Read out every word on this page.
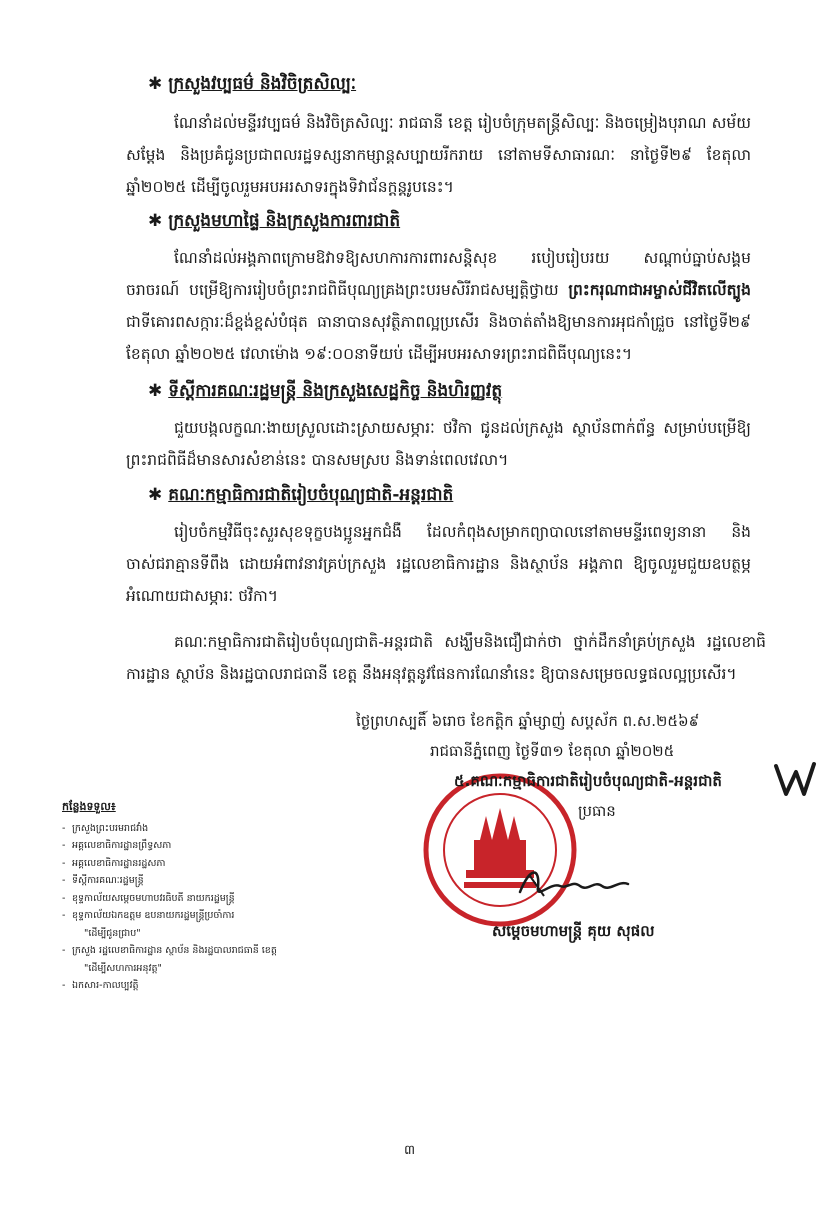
✱ ក្រសួងវប្បធម៌ និងវិចិត្រសិល្បៈ
ណែនាំដល់មន្ទីរវប្បធម៌ និងវិចិត្រសិល្បៈ រាជធានី ខេត្ត រៀបចំក្រុមតន្ត្រីសិល្បៈ និងចម្រៀងបុរាណ សម័យ សម្តែង និងប្រគំជូនប្រជាពលរដ្ឋទស្សនាកម្សាន្តសប្បាយរីករាយ នៅតាមទីសាធារណៈ នាថ្ងៃទី២៩ ខែតុលា ឆ្នាំ២០២៥ ដើម្បីចូលរួមអបអរសាទរក្នុងទិវាជ័នក្តន្តរូបនេះ។
✱ ក្រសួងមហាផ្ទៃ និងក្រសួងការពារជាតិ
ណែនាំដល់អង្គភាពក្រោមឱវាទឱ្យសហការការពារសន្តិសុខ របៀបរៀបរយ សណ្តាប់ធ្នាប់សង្គម ចរាចរណ៍ បម្រើឱ្យការរៀបចំព្រះរាជពិធីបុណ្យគ្រងព្រះបរមសិរីរាជសម្បត្តិថ្វាយ ព្រះករុណាជាអម្ចាស់ជីវិតលើត្បូង ជាទីគោរពសក្ការៈដ៏ខ្ពង់ខ្ពស់បំផុត ធានាបានសុវត្ថិភាពល្អប្រសើរ និងចាត់តាំងឱ្យមានការអុជកាំជ្រួច នៅថ្ងៃទី២៩ ខែតុលា ឆ្នាំ២០២៥ វេលាម៉ោង ១៩:០០នាទីយប់ ដើម្បីអបអរសាទរព្រះរាជពិធីបុណ្យនេះ។
✱ ទីស្តីការគណៈរដ្ឋមន្ត្រី និងក្រសួងសេដ្ឋកិច្ច និងហិរញ្ញវត្ថុ
ជួយបង្កលក្ខណៈងាយស្រួលដោះស្រាយសម្ភារៈ ថវិកា ជូនដល់ក្រសួង ស្ថាប័នពាក់ព័ន្ធ សម្រាប់បម្រើឱ្យព្រះរាជពិធីដ៏មានសារសំខាន់នេះ បានសមស្រប និងទាន់ពេលវេលា។
✱ គណៈកម្មាធិការជាតិរៀបចំបុណ្យជាតិ-អន្តរជាតិ
រៀបចំកម្មវិធីចុះសួរសុខទុក្ខបងប្អូនអ្នកជំងឺ ដែលកំពុងសម្រាកព្យាបាលនៅតាមមន្ទីរពេទ្យនានា និងចាស់ជរាគ្មានទីពឹង ដោយអំពាវនាវគ្រប់ក្រសួង រដ្ឋលេខាធិការដ្ឋាន និងស្ថាប័ន អង្គភាព ឱ្យចូលរួមជួយឧបត្ថម្ភអំណោយជាសម្ភារៈ ថវិកា។
គណៈកម្មាធិការជាតិរៀបចំបុណ្យជាតិ-អន្តរជាតិ សង្ឃឹមនិងជឿជាក់ថា ថ្នាក់ដឹកនាំគ្រប់ក្រសួង រដ្ឋលេខាធិការដ្ឋាន ស្ថាប័ន និងរដ្ឋបាលរាជធានី ខេត្ត នឹងអនុវត្តនូវផែនការណែនាំនេះ ឱ្យបានសម្រេចលទ្ធផលល្អប្រសើរ។
ថ្ងៃព្រហស្បតិ៍ ៦រោច ខែកត្តិក ឆ្នាំម្សាញ់ សប្តស័ក ព.ស.២៥៦៩
រាជធានីភ្នំពេញ ថ្ងៃទី៣១ ខែតុលា ឆ្នាំ២០២៥
៥.គណៈកម្មាធិការជាតិរៀបចំបុណ្យជាតិ-អន្តរជាតិ
ប្រធាន
សម្តេចមហាមន្ត្រី គុយ សុផល
កន្លែងទទួល៖
- ក្រសួងព្រះបរមរាជវាំង
- អគ្គលេខាធិការដ្ឋានព្រឹទ្ធសភា
- អគ្គលេខាធិការដ្ឋានរដ្ឋសភា
- ទីស្តីការគណៈរដ្ឋមន្ត្រី
- ខុទ្ទកាល័យសម្តេចមហាបវរធិបតី នាយករដ្ឋមន្ត្រី
- ខុទ្ទកាល័យឯកឧត្តម ឧបនាយករដ្ឋមន្ត្រីប្រចាំការ
"ដើម្បីជូនជ្រាប"
- ក្រសួង រដ្ឋលេខាធិការដ្ឋាន ស្ថាប័ន និងរដ្ឋបាលរាជធានី ខេត្ត
"ដើម្បីសហការអនុវត្ត"
- ឯកសារ-កាលប្បវត្តិ
៣
